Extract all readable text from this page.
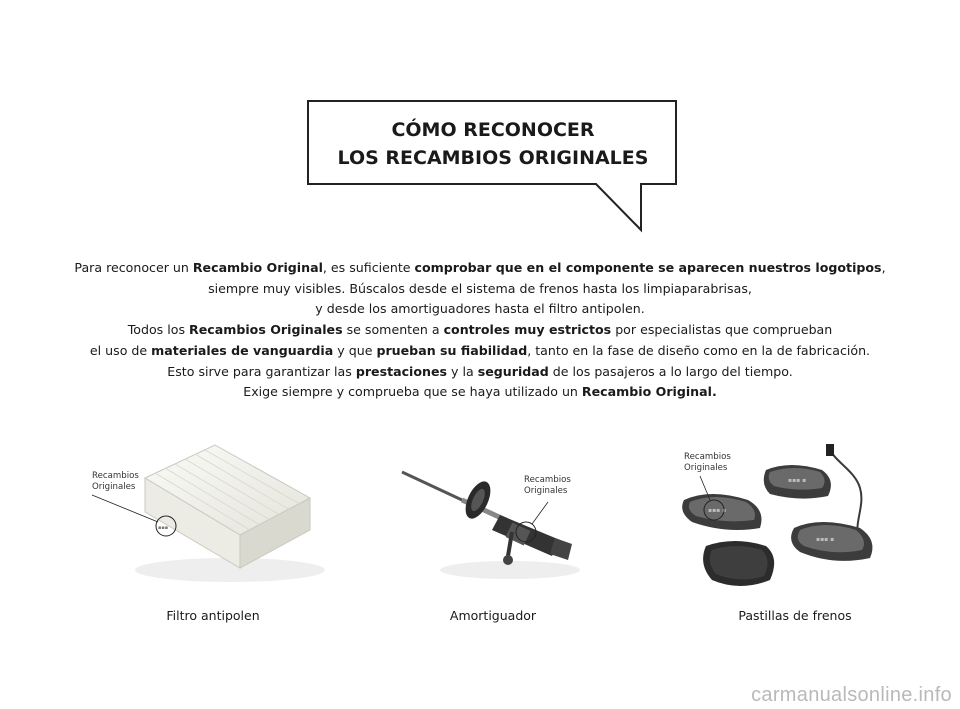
CÓMO RECONOCER
LOS RECAMBIOS ORIGINALES

Para reconocer un Recambio Original, es suficiente comprobar que en el componente se aparecen nuestros logotipos,

siempre muy visibles. Búscalos desde el sistema de frenos hasta los limpiaparabrisas,

y desde los amortiguadores hasta el filtro antipolen.

Todos los Recambios Originales se somenten a controles muy estrictos por especialistas que comprueban

el uso de materiales de vanguardia y que prueban su fiabilidad, tanto en la fase de diseño como en la de fabricación.

Esto sirve para garantizar las prestaciones y la seguridad de los pasajeros a lo largo del tiempo.

Exige siempre y comprueba que se haya utilizado un Recambio Original.

▪▪▪
Recambios
Originales
Filtro antipolen
Recambios
Originales
Amortiguador
▪▪▪ ▪
▪▪▪ ▪
▪▪▪ ▪
Recambios
Originales
Pastillas de frenos
carmanualsonline.info
